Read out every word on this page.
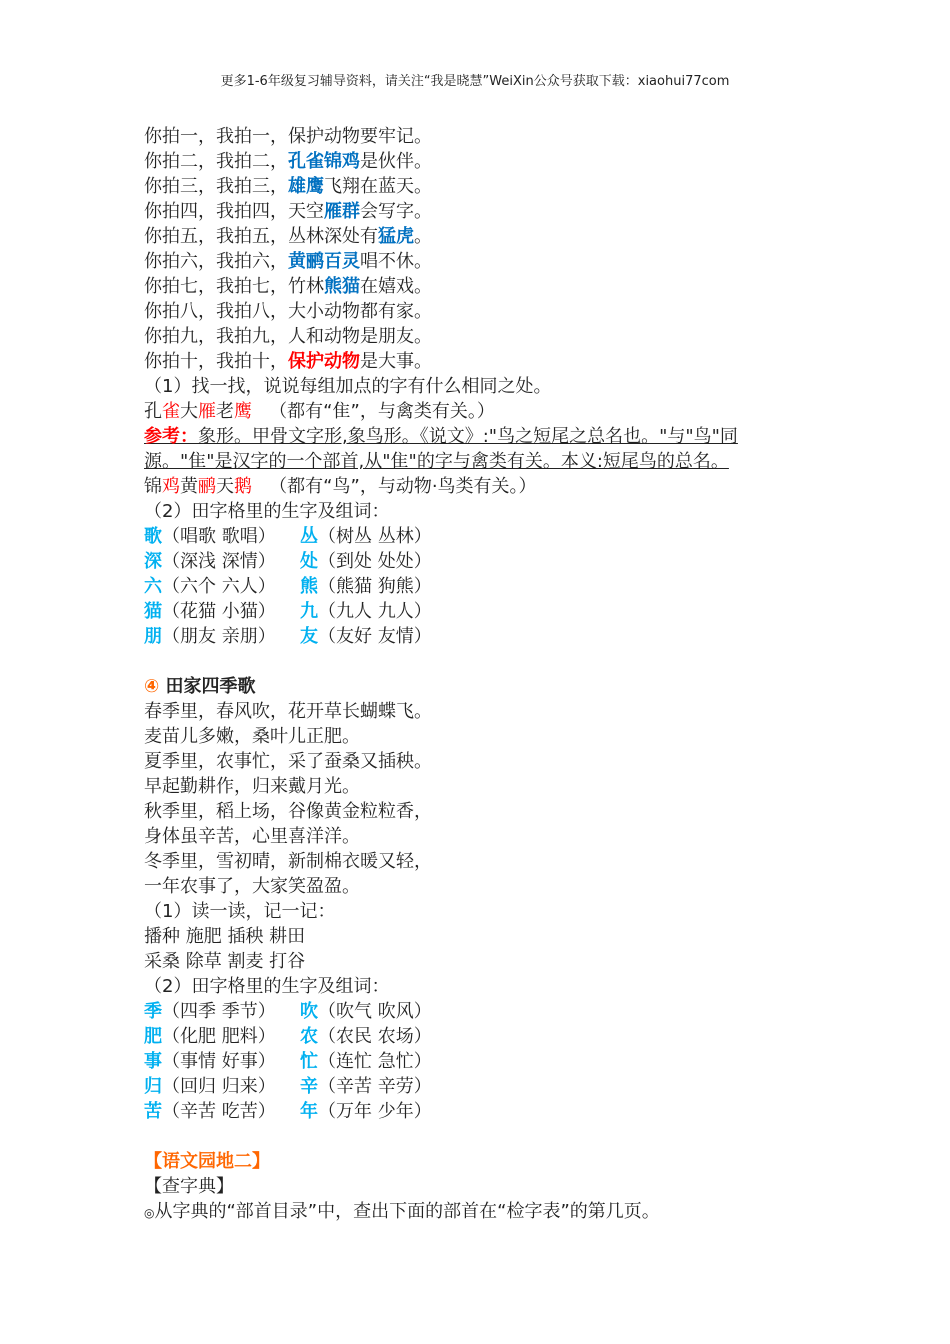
更多1-6年级复习辅导资料，请关注“我是晓慧”WeiXin公众号获取下载：xiaohui77com
你拍一，我拍一，保护动物要牢记。
你拍二，我拍二，孔雀锦鸡是伙伴。
你拍三，我拍三，雄鹰飞翔在蓝天。
你拍四，我拍四，天空雁群会写字。
你拍五，我拍五，丛林深处有猛虎。
你拍六，我拍六，黄鹂百灵唱不休。
你拍七，我拍七，竹林熊猫在嬉戏。
你拍八，我拍八，大小动物都有家。
你拍九，我拍九，人和动物是朋友。
你拍十，我拍十，保护动物是大事。
（1）找一找，说说每组加点的字有什么相同之处。
孔雀大雁老鹰 （都有“隹”，与禽类有关。）
参考：象形。甲骨文字形,象鸟形。《说文》:"鸟之短尾之总名也。"与"鸟"同源。"隹"是汉字的一个部首,从"隹"的字与禽类有关。本义:短尾鸟的总名。
锦鸡黄鹂天鹅 （都有“鸟”，与动物·鸟类有关。）
（2）田字格里的生字及组词：
歌（唱歌 歌唱） 丛（树丛 丛林）
深（深浅 深情） 处（到处 处处）
六（六个 六人） 熊（熊猫 狗熊）
猫（花猫 小猫） 九（九人 九人）
朋（朋友 亲朋） 友（友好 友情）
④ 田家四季歌
春季里，春风吹，花开草长蝴蝶飞。
麦苗儿多嫩，桑叶儿正肥。
夏季里，农事忙，采了蚕桑又插秧。
早起勤耕作，归来戴月光。
秋季里，稻上场，谷像黄金粒粒香，
身体虽辛苦，心里喜洋洋。
冬季里，雪初晴，新制棉衣暖又轻，
一年农事了，大家笑盈盈。
（1）读一读，记一记：
播种 施肥 插秧 耕田
采桑 除草 割麦 打谷
（2）田字格里的生字及组词：
季（四季 季节） 吹（吹气 吹风）
肥（化肥 肥料） 农（农民 农场）
事（事情 好事） 忙（连忙 急忙）
归（回归 归来） 辛（辛苦 辛劳）
苦（辛苦 吃苦） 年（万年 少年）
【语文园地二】
【查字典】
◎从字典的“部首目录”中，查出下面的部首在“检字表”的第几页。
